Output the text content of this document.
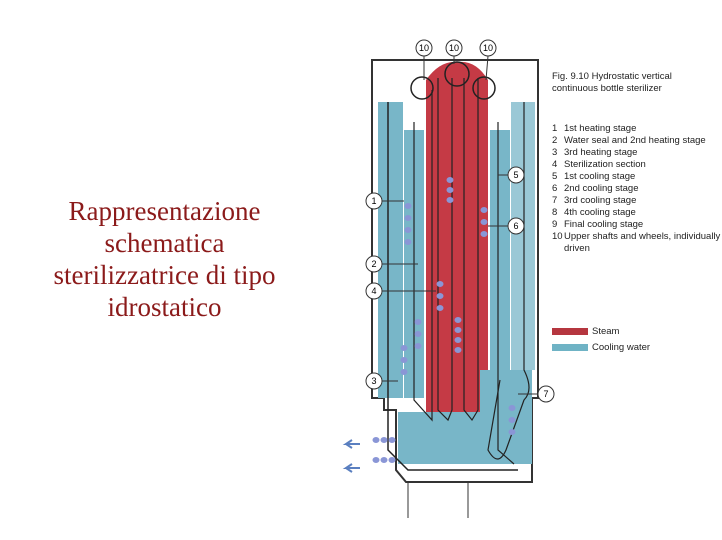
Rappresentazione
schematica
sterilizzatrice di tipo
idrostatico
10 10	10
1
2
4
3
5
6
7
Fig. 9.10 Hydrostatic vertical
continuous bottle sterilizer
1 1st heating stage
2 Water seal and 2nd heating stage
3 3rd heating stage
4 Sterilization section
5 1st cooling stage
6 2nd cooling stage
7 3rd cooling stage
8 4th cooling stage
9 Final cooling stage
10 Upper shafts and wheels, individually driven
Steam
Cooling water
